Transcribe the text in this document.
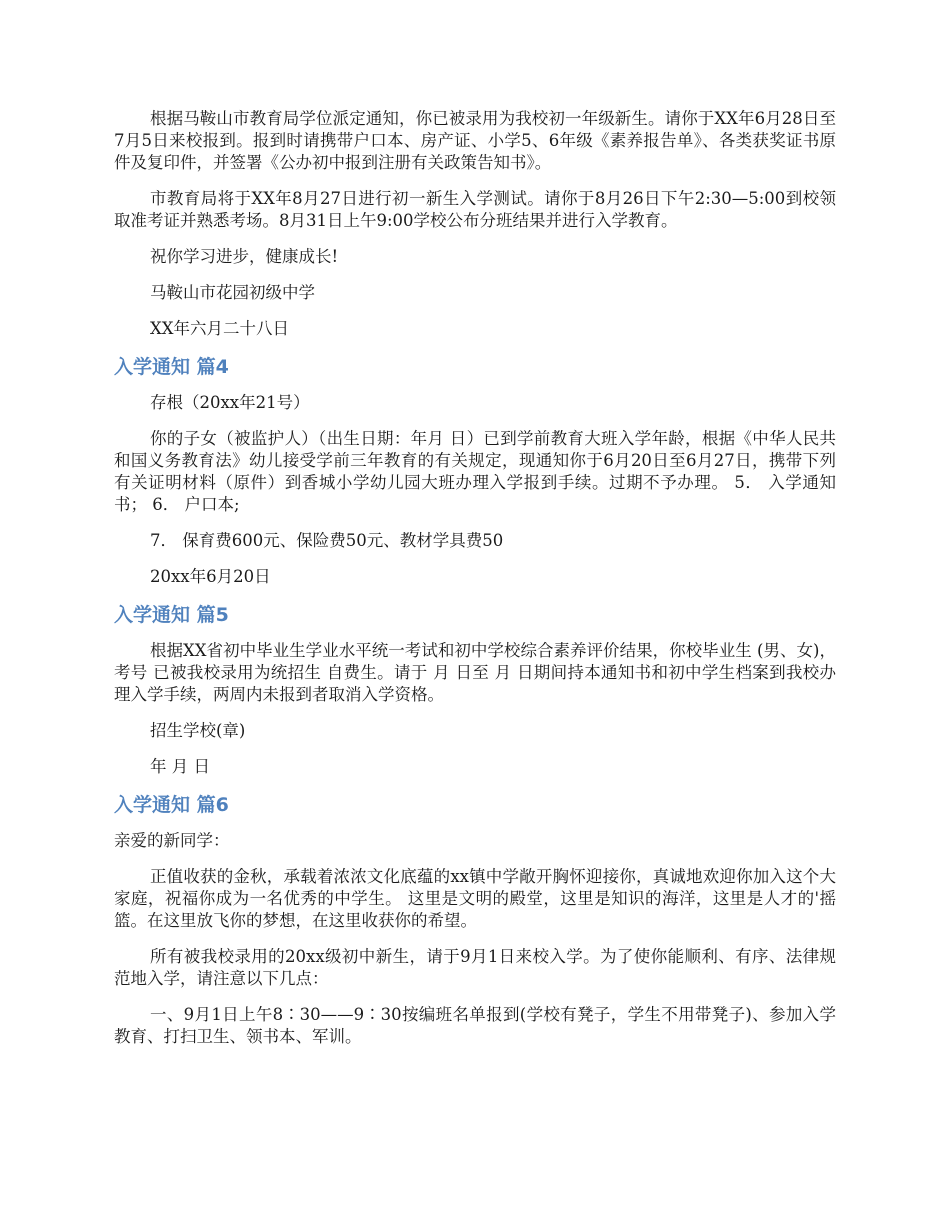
根据马鞍山市教育局学位派定通知，你已被录用为我校初一年级新生。请你于XX年6月28日至7月5日来校报到。报到时请携带户口本、房产证、小学5、6年级《素养报告单》、各类获奖证书原件及复印件，并签署《公办初中报到注册有关政策告知书》。

市教育局将于XX年8月27日进行初一新生入学测试。请你于8月26日下午2:30—5:00到校领取准考证并熟悉考场。8月31日上午9:00学校公布分班结果并进行入学教育。

祝你学习进步，健康成长!

马鞍山市花园初级中学

XX年六月二十八日

入学通知 篇4

存根（20xx年21号）

你的子女（被监护人）（出生日期：年月 日）已到学前教育大班入学年龄，根据《中华人民共和国义务教育法》幼儿接受学前三年教育的有关规定，现通知你于6月20日至6月27日，携带下列有关证明材料（原件）到香城小学幼儿园大班办理入学报到手续。过期不予办理。 5． 入学通知书； 6． 户口本;

7． 保育费600元、保险费50元、教材学具费50

20xx年6月20日

入学通知 篇5

根据XX省初中毕业生学业水平统一考试和初中学校综合素养评价结果，你校毕业生 (男、女)，考号 已被我校录用为统招生 自费生。请于 月 日至 月 日期间持本通知书和初中学生档案到我校办理入学手续，两周内未报到者取消入学资格。

招生学校(章)

年 月 日

入学通知 篇6

亲爱的新同学：

正值收获的金秋，承载着浓浓文化底蕴的xx镇中学敞开胸怀迎接你，真诚地欢迎你加入这个大家庭，祝福你成为一名优秀的中学生。 这里是文明的殿堂，这里是知识的海洋，这里是人才的'摇篮。在这里放飞你的梦想，在这里收获你的希望。

所有被我校录用的20xx级初中新生，请于9月1日来校入学。为了使你能顺利、有序、法律规范地入学，请注意以下几点：

一、9月1日上午8∶30——9∶30按编班名单报到(学校有凳子，学生不用带凳子)、参加入学教育、打扫卫生、领书本、军训。
